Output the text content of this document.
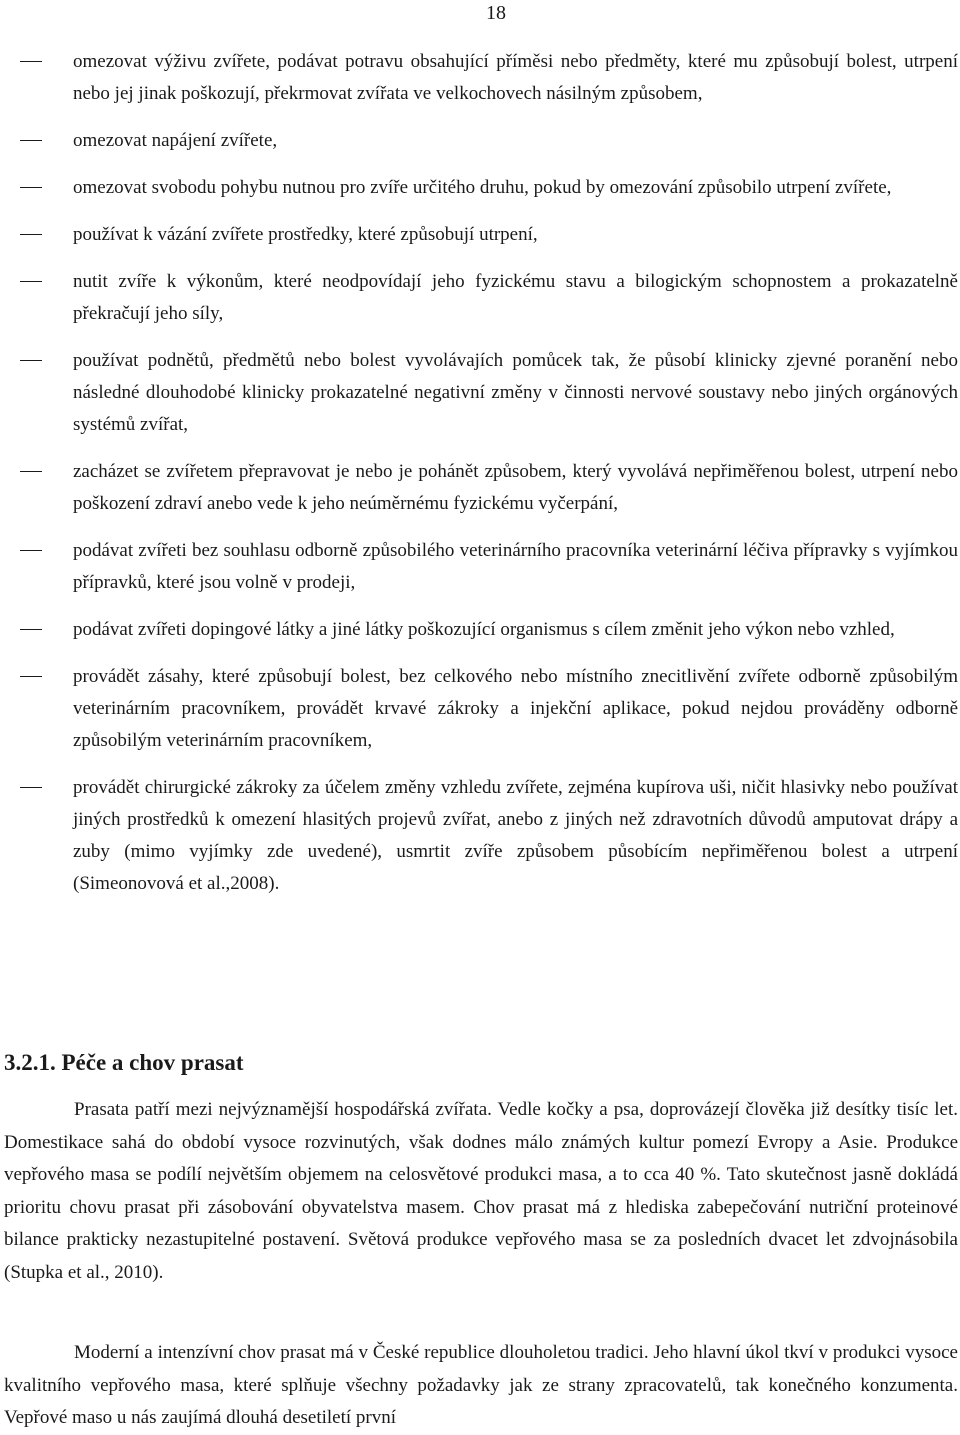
18
omezovat výživu zvířete, podávat potravu obsahující příměsi nebo předměty, které mu způsobují bolest, utrpení nebo jej jinak poškozují, překrmovat zvířata ve velkochovech násilným způsobem,
omezovat napájení zvířete,
omezovat svobodu pohybu nutnou pro zvíře určitého druhu, pokud by omezování způsobilo utrpení zvířete,
používat k vázání zvířete prostředky, které způsobují utrpení,
nutit zvíře k výkonům, které neodpovídají jeho fyzickému stavu a bilogickým schopnostem a prokazatelně překračují jeho síly,
používat podnětů, předmětů nebo bolest vyvolávajích pomůcek tak, že působí klinicky zjevné poranění nebo následné dlouhodobé klinicky prokazatelné negativní změny v činnosti nervové soustavy nebo jiných orgánových systémů zvířat,
zacházet se zvířetem přepravovat je nebo je pohánět způsobem, který vyvolává nepřiměřenou bolest, utrpení nebo poškození zdraví anebo vede k jeho neúměrnému fyzickému vyčerpání,
podávat zvířeti bez souhlasu odborně způsobilého veterinárního pracovníka veterinární léčiva přípravky s vyjímkou přípravků, které jsou volně v prodeji,
podávat zvířeti dopingové látky a jiné látky poškozující organismus s cílem změnit jeho výkon nebo vzhled,
provádět zásahy, které způsobují bolest, bez celkového nebo místního znecitlivění zvířete odborně způsobilým veterinárním pracovníkem, provádět krvavé zákroky a injekční aplikace, pokud nejdou prováděny odborně způsobilým veterinárním pracovníkem,
provádět chirurgické zákroky za účelem změny vzhledu zvířete, zejména kupírova uši, ničit hlasivky nebo používat jiných prostředků k omezení hlasitých projevů zvířat, anebo z jiných než zdravotních důvodů amputovat drápy a zuby (mimo vyjímky zde uvedené), usmrtit zvíře způsobem působícím nepřiměřenou bolest a utrpení (Simeonovová et al.,2008).
3.2.1. Péče a chov prasat

Prasata patří mezi nejvýznamější hospodářská zvířata. Vedle kočky a psa, doprovázejí člověka již desítky tisíc let. Domestikace sahá do období vysoce rozvinutých, však dodnes málo známých kultur pomezí Evropy a Asie. Produkce vepřového masa se podílí největším objemem na celosvětové produkci masa, a to cca 40 %. Tato skutečnost jasně dokládá prioritu chovu prasat při zásobování obyvatelstva masem. Chov prasat má z hlediska zabepečování nutriční proteinové bilance prakticky nezastupitelné postavení. Světová produkce vepřového masa se za posledních dvacet let zdvojnásobila (Stupka et al., 2010).

Moderní a intenzívní chov prasat má v České republice dlouholetou tradici. Jeho hlavní úkol tkví v produkci vysoce kvalitního vepřového masa, které splňuje všechny požadavky jak ze strany zpracovatelů, tak konečného konzumenta. Vepřové maso u nás zaujímá dlouhá desetiletí první
